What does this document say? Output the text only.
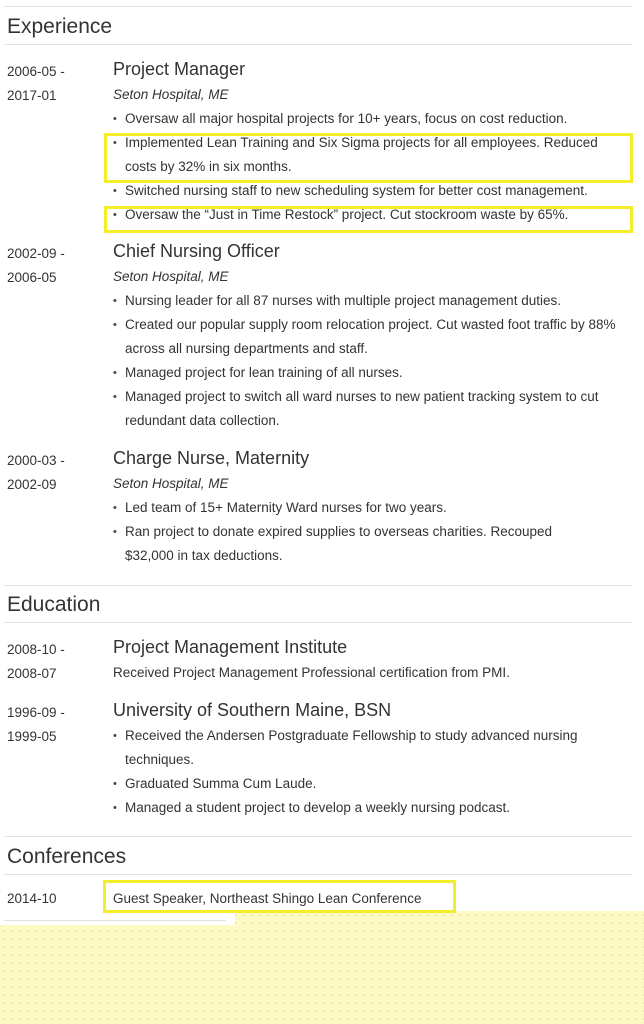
Experience
2006-05 -
2017-01
Project Manager
Seton Hospital, ME
• Oversaw all major hospital projects for 10+ years, focus on cost reduction.
• Implemented Lean Training and Six Sigma projects for all employees. Reduced costs by 32% in six months.
• Switched nursing staff to new scheduling system for better cost management.
• Oversaw the “Just in Time Restock” project. Cut stockroom waste by 65%.
2002-09 -
2006-05
Chief Nursing Officer
Seton Hospital, ME
• Nursing leader for all 87 nurses with multiple project management duties.
• Created our popular supply room relocation project. Cut wasted foot traffic by 88% across all nursing departments and staff.
• Managed project for lean training of all nurses.
• Managed project to switch all ward nurses to new patient tracking system to cut redundant data collection.
2000-03 -
2002-09
Charge Nurse, Maternity
Seton Hospital, ME
• Led team of 15+ Maternity Ward nurses for two years.
• Ran project to donate expired supplies to overseas charities. Recouped $32,000 in tax deductions.
Education
2008-10 -
2008-07
Project Management Institute
Received Project Management Professional certification from PMI.
1996-09 -
1999-05
University of Southern Maine, BSN
• Received the Andersen Postgraduate Fellowship to study advanced nursing techniques.
• Graduated Summa Cum Laude.
• Managed a student project to develop a weekly nursing podcast.
Conferences
2014-10	Guest Speaker, Northeast Shingo Lean Conference
